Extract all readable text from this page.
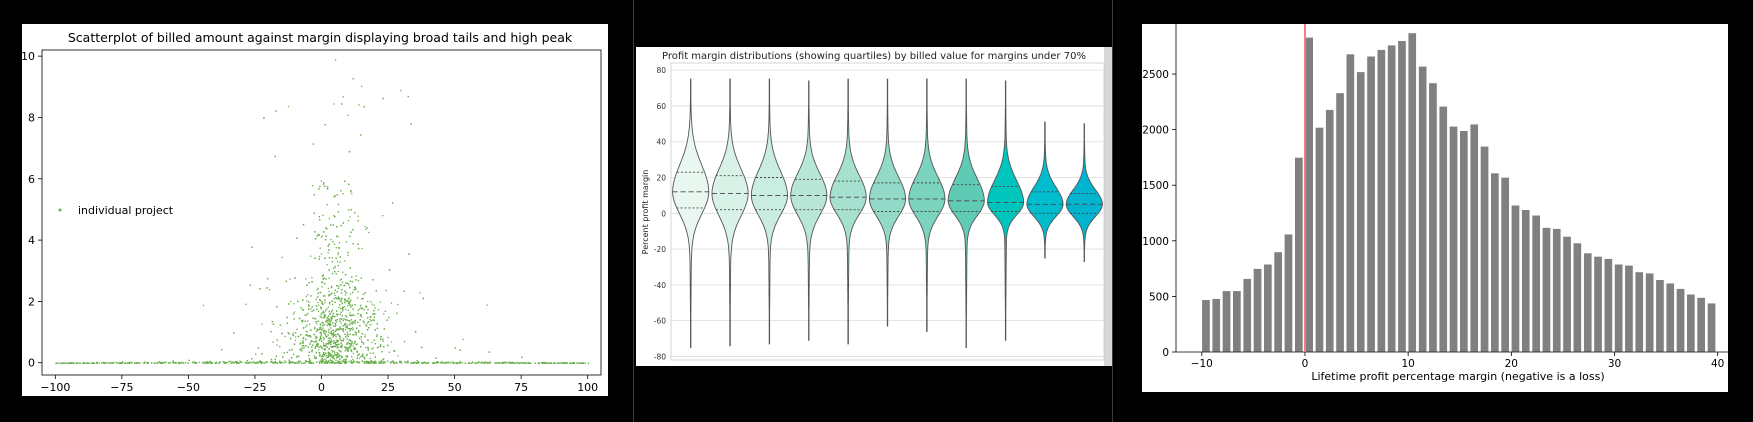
Scatterplot of billed amount against margin displaying broad tails and high peak
−100	−75	−50	−25	0	25	50	75	100
0
2
4
6
8
10
individual project
Profit margin distributions (showing quartiles) by billed value for margins under 70%
-80
-60
-40
-20
0
20
40
60
80
Percent profit margin
−10	0	10	20	30	40
0
500
1000
1500
2000
2500
Lifetime profit percentage margin (negative is a loss)
